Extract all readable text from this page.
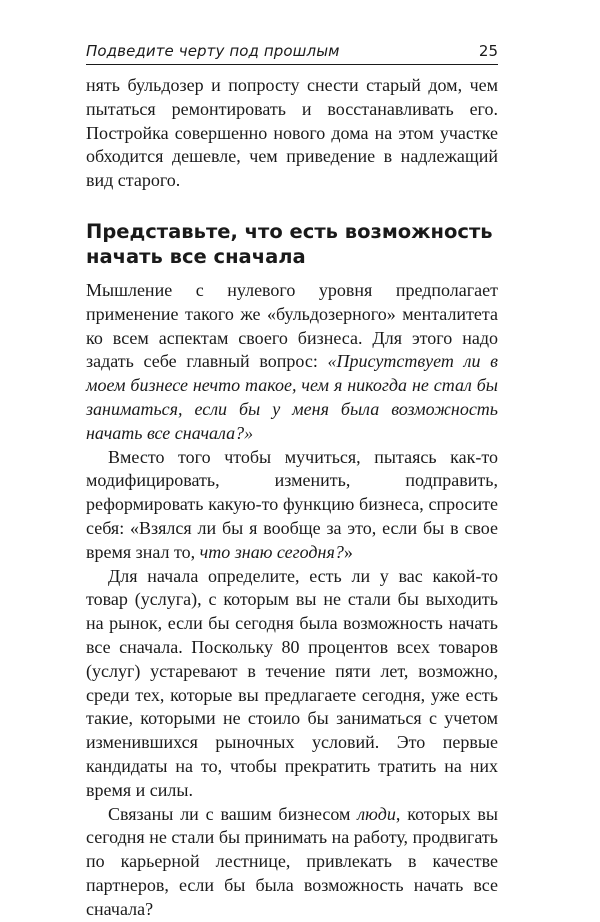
Подведите черту под прошлым	25

нять бульдозер и попросту снести старый дом, чем пытаться ремонтировать и восстанавливать его. Постройка совершенно нового дома на этом участке обходится дешевле, чем приведение в надлежащий вид старого.

Представьте, что есть возможность начать все сначала

Мышление с нулевого уровня предполагает применение такого же «бульдозерного» менталитета ко всем аспектам своего бизнеса. Для этого надо задать себе главный вопрос: «Присутствует ли в моем бизнесе нечто такое, чем я никогда не стал бы заниматься, если бы у меня была возможность начать все сначала?»

Вместо того чтобы мучиться, пытаясь как-то модифицировать, изменить, подправить, реформировать какую-то функцию бизнеса, спросите себя: «Взялся ли бы я вообще за это, если бы в свое время знал то, что знаю сегодня?»

Для начала определите, есть ли у вас какой-то товар (услуга), с которым вы не стали бы выходить на рынок, если бы сегодня была возможность начать все сначала. Поскольку 80 процентов всех товаров (услуг) устаревают в течение пяти лет, возможно, среди тех, которые вы предлагаете сегодня, уже есть такие, которыми не стоило бы заниматься с учетом изменившихся рыночных условий. Это первые кандидаты на то, чтобы прекратить тратить на них время и силы.

Связаны ли с вашим бизнесом люди, которых вы сегодня не стали бы принимать на работу, продвигать по карьерной лестнице, привлекать в качестве партнеров, если бы была возможность начать все сначала?
